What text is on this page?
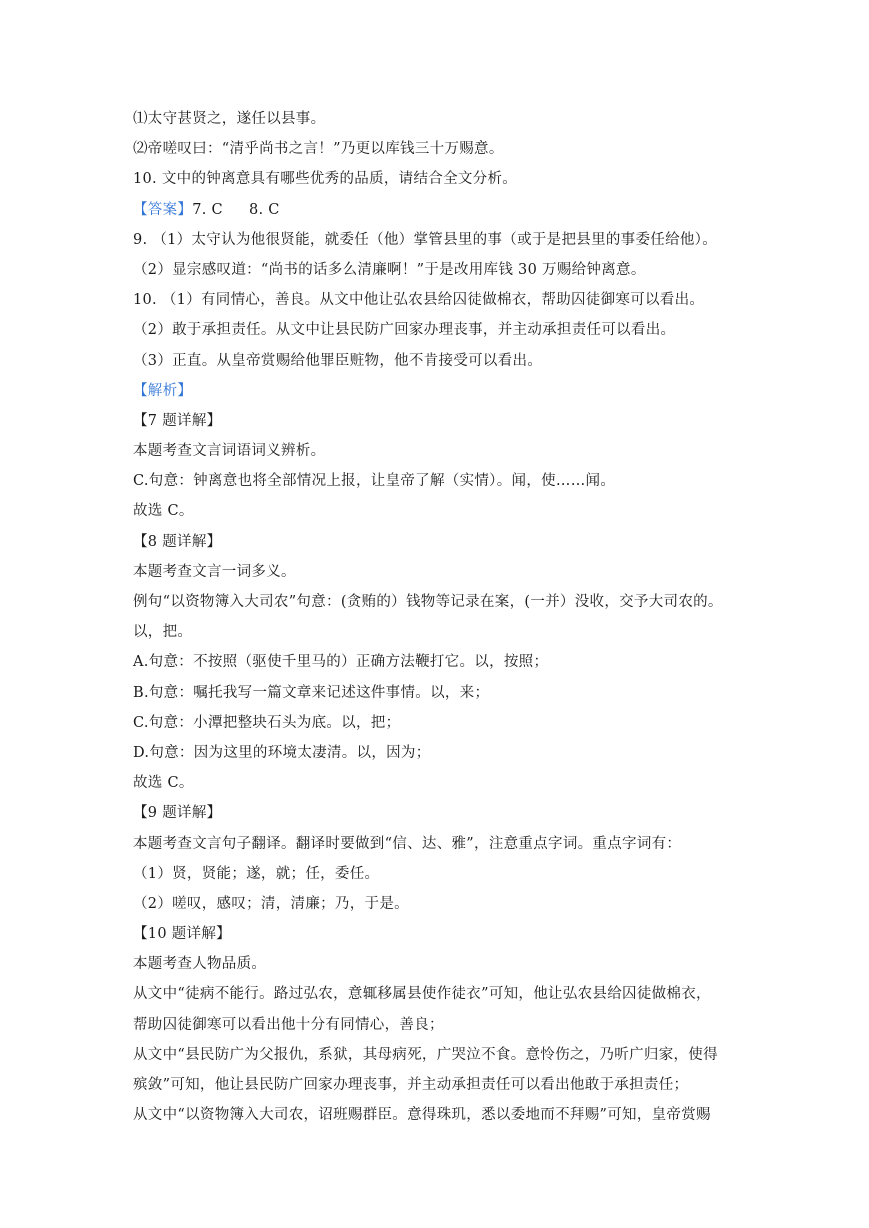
⑴太守甚贤之，遂任以县事。
⑵帝嗟叹曰：“清乎尚书之言！”乃更以库钱三十万赐意。
10. 文中的钟离意具有哪些优秀的品质，请结合全文分析。
【答案】7. C 8. C
9. （1）太守认为他很贤能，就委任（他）掌管县里的事（或于是把县里的事委任给他）。
（2）显宗感叹道：“尚书的话多么清廉啊！”于是改用库钱 30 万赐给钟离意。
10. （1）有同情心，善良。从文中他让弘农县给囚徒做棉衣，帮助囚徒御寒可以看出。
（2）敢于承担责任。从文中让县民防广回家办理丧事，并主动承担责任可以看出。
（3）正直。从皇帝赏赐给他罪臣赃物，他不肯接受可以看出。
【解析】
【7 题详解】
本题考查文言词语词义辨析。
C.句意：钟离意也将全部情况上报，让皇帝了解（实情）。闻，使……闻。
故选 C。
【8 题详解】
本题考查文言一词多义。
例句“以资物簿入大司农”句意：(贪贿的）钱物等记录在案，(一并）没收，交予大司农的。
以，把。
A.句意：不按照（驱使千里马的）正确方法鞭打它。以，按照；
B.句意：嘱托我写一篇文章来记述这件事情。以，来；
C.句意：小潭把整块石头为底。以，把；
D.句意：因为这里的环境太凄清。以，因为；
故选 C。
【9 题详解】
本题考查文言句子翻译。翻译时要做到“信、达、雅”，注意重点字词。重点字词有：
（1）贤，贤能；遂，就；任，委任。
（2）嗟叹，感叹；清，清廉；乃，于是。
【10 题详解】
本题考查人物品质。
从文中“徒病不能行。路过弘农，意辄移属县使作徒衣”可知，他让弘农县给囚徒做棉衣，
帮助囚徒御寒可以看出他十分有同情心，善良；
从文中“县民防广为父报仇，系狱，其母病死，广哭泣不食。意怜伤之，乃听广归家，使得
殡敛”可知，他让县民防广回家办理丧事，并主动承担责任可以看出他敢于承担责任；
从文中“以资物簿入大司农，诏班赐群臣。意得珠玑，悉以委地而不拜赐”可知，皇帝赏赐
